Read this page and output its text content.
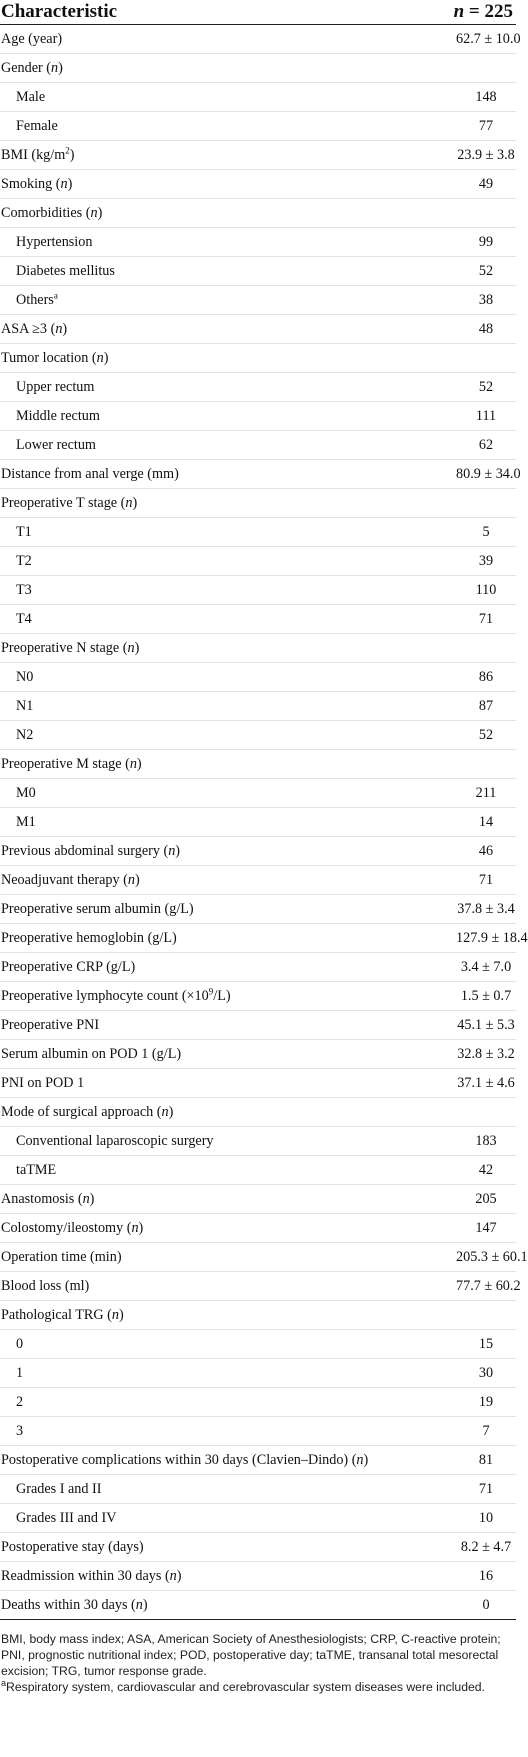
Characteristic	n = 225
Age (year)	62.7 ± 10.0
Gender (n)	
Male	148
Female	77
BMI $(kg/m^2)$	23.9 ± 3.8
Smoking (n)	49
Comorbidities (n)	
Hypertension	99
Diabetes mellitus	52
Others$^a$	38
ASA ≥3 (n)	48
Tumor location (n)	
Upper rectum	52
Middle rectum	111
Lower rectum	62
Distance from anal verge (mm)	80.9 ± 34.0
Preoperative T stage (n)	
T1	5
T2	39
T3	110
T4	71
Preoperative N stage (n)	
N0	86
N1	87
N2	52
Preoperative M stage (n)	
M0	211
M1	14
Previous abdominal surgery (n)	46
Neoadjuvant therapy (n)	71
Preoperative serum albumin (g/L)	37.8 ± 3.4
Preoperative hemoglobin (g/L)	127.9 ± 18.4
Preoperative CRP (g/L)	3.4 ± 7.0
Preoperative lymphocyte count $(\times 10^9/L)$	1.5 ± 0.7
Preoperative PNI	45.1 ± 5.3
Serum albumin on POD 1 (g/L)	32.8 ± 3.2
PNI on POD 1	37.1 ± 4.6
Mode of surgical approach (n)	
Conventional laparoscopic surgery	183
taTME	42
Anastomosis (n)	205
Colostomy/ileostomy (n)	147
Operation time (min)	205.3 ± 60.1
Blood loss (ml)	77.7 ± 60.2
Pathological TRG (n)	
0	15
1	30
2	19
3	7
Postoperative complications within 30 days (Clavien–Dindo) (n)	81
Grades I and II	71
Grades III and IV	10
Postoperative stay (days)	8.2 ± 4.7
Readmission within 30 days (n)	16
Deaths within 30 days (n)	0

BMI, body mass index; ASA, American Society of Anesthesiologists; CRP, C-reactive protein; PNI, prognostic nutritional index; POD, postoperative day; taTME, transanal total mesorectal excision; TRG, tumor response grade.

$^a$Respiratory system, cardiovascular and cerebrovascular system diseases were included.
